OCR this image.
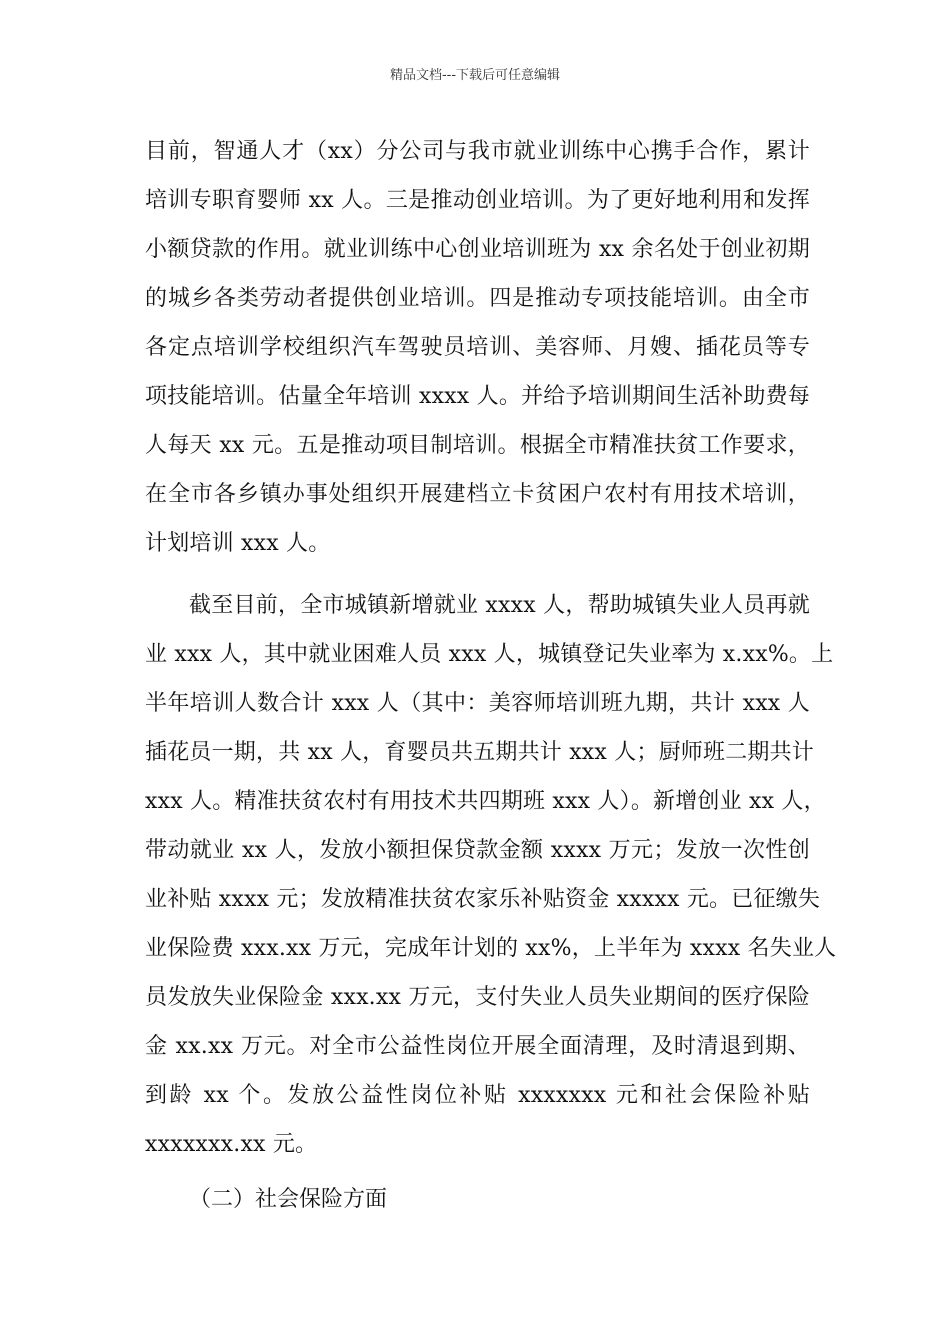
精品文档---下载后可任意编辑
目前，智通人才（xx）分公司与我市就业训练中心携手合作，累计
培训专职育婴师 xx 人。三是推动创业培训。为了更好地利用和发挥
小额贷款的作用。就业训练中心创业培训班为 xx 余名处于创业初期
的城乡各类劳动者提供创业培训。四是推动专项技能培训。由全市
各定点培训学校组织汽车驾驶员培训、美容师、月嫂、插花员等专
项技能培训。估量全年培训 xxxx 人。并给予培训期间生活补助费每
人每天 xx 元。五是推动项目制培训。根据全市精准扶贫工作要求，
在全市各乡镇办事处组织开展建档立卡贫困户农村有用技术培训，
计划培训 xxx 人。
截至目前，全市城镇新增就业 xxxx 人，帮助城镇失业人员再就
业 xxx 人，其中就业困难人员 xxx 人，城镇登记失业率为 x.xx%。上
半年培训人数合计 xxx 人（其中：美容师培训班九期，共计 xxx 人
插花员一期，共 xx 人，育婴员共五期共计 xxx 人；厨师班二期共计
xxx 人。精准扶贫农村有用技术共四期班 xxx 人）。新增创业 xx 人，
带动就业 xx 人，发放小额担保贷款金额 xxxx 万元；发放一次性创
业补贴 xxxx 元；发放精准扶贫农家乐补贴资金 xxxxx 元。已征缴失
业保险费 xxx.xx 万元，完成年计划的 xx%，上半年为 xxxx 名失业人
员发放失业保险金 xxx.xx 万元，支付失业人员失业期间的医疗保险
金 xx.xx 万元。对全市公益性岗位开展全面清理，及时清退到期、
到龄 xx 个。发放公益性岗位补贴 xxxxxxx 元和社会保险补贴
xxxxxxx.xx 元。
（二）社会保险方面
